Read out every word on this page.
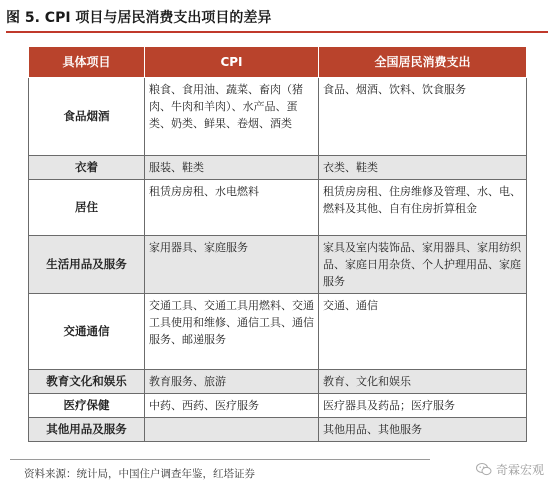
图 5. CPI 项目与居民消费支出项目的差异
具体项目	CPI	全国居民消费支出
食品烟酒	粮食、食用油、蔬菜、畜肉（猪肉、牛肉和羊肉）、水产品、蛋类、奶类、鲜果、卷烟、酒类	食品、烟酒、饮料、饮食服务
衣着	服装、鞋类	衣类、鞋类
居住	租赁房房租、水电燃料	租赁房房租、住房维修及管理、水、电、燃料及其他、自有住房折算租金
生活用品及服务	家用器具、家庭服务	家具及室内装饰品、家用器具、家用纺织品、家庭日用杂货、个人护理用品、家庭服务
交通通信	交通工具、交通工具用燃料、交通工具使用和维修、通信工具、通信服务、邮递服务	交通、通信
教育文化和娱乐	教育服务、旅游	教育、文化和娱乐
医疗保健	中药、西药、医疗服务	医疗器具及药品；医疗服务
其他用品及服务		其他用品、其他服务
资料来源：统计局，中国住户调查年鉴，红塔证券	奇霖宏观
